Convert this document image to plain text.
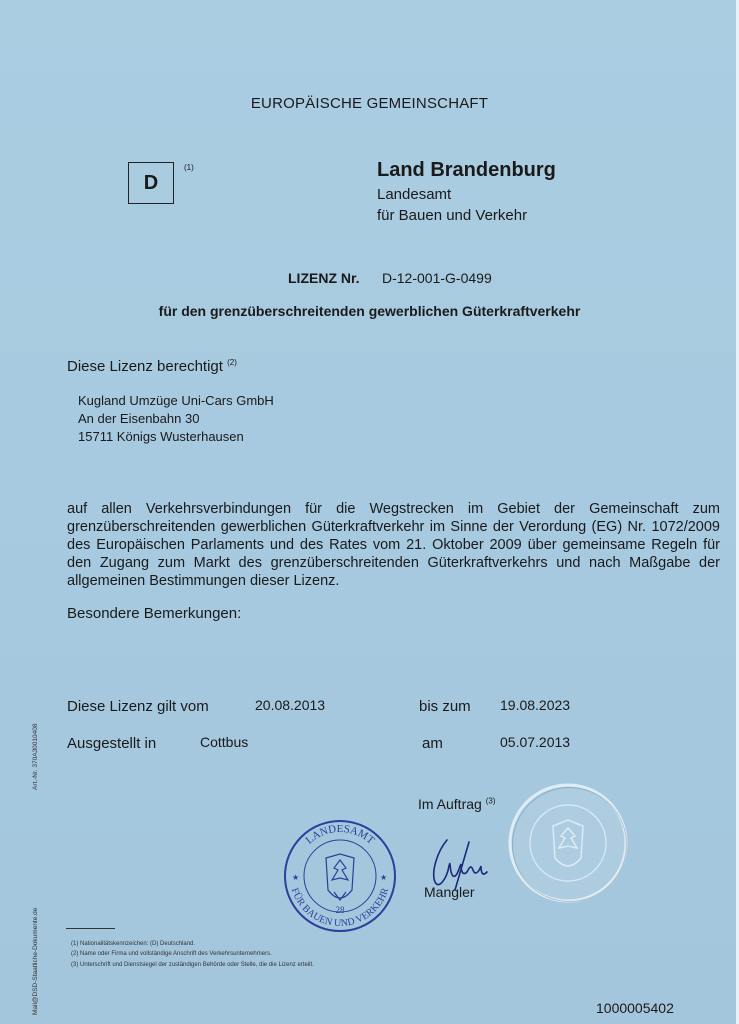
EUROPÄISCHE GEMEINSCHAFT
D
(1)	Land Brandenburg
Landesamt
für Bauen und Verkehr
LIZENZ Nr. D-12-001-G-0499
für den grenzüberschreitenden gewerblichen Güterkraftverkehr
Diese Lizenz berechtigt $^{(2)}$
Kugland Umzüge Uni-Cars GmbH
An der Eisenbahn 30
15711 Königs Wusterhausen
auf allen Verkehrsverbindungen für die Wegstrecken im Gebiet der Gemeinschaft zum grenzüberschreitenden gewerblichen Güterkraftverkehr im Sinne der Verordung (EG) Nr. 1072/2009 des Europäischen Parlaments und des Rates vom 21. Oktober 2009 über gemeinsame Regeln für den Zugang zum Markt des grenzüberschreitenden Güterkraftverkehrs und nach Maßgabe der allgemeinen Bestimmungen dieser Lizenz.
Besondere Bemerkungen:
Diese Lizenz gilt vom	20.08.2013	bis zum 19.08.2023
Ausgestellt in	Cottbus	am	05.07.2013
Im Auftrag $^{(3)}$
Mangler
LANDESAMT
FÜR BAUEN UND VERKEHR
28
★	★
(1) Nationalitätskennzeichen: (D) Deutschland.
(2) Name oder Firma und vollständige Anschrift des Verkehrsunternehmers.
(3) Unterschrift und Dienstsiegel der zuständigen Behörde oder Stelle, die die Lizenz erteilt.
Art.-Nr. 370A30010408
Mail@DSD-Staatliche-Dokumente.de	1000005402
